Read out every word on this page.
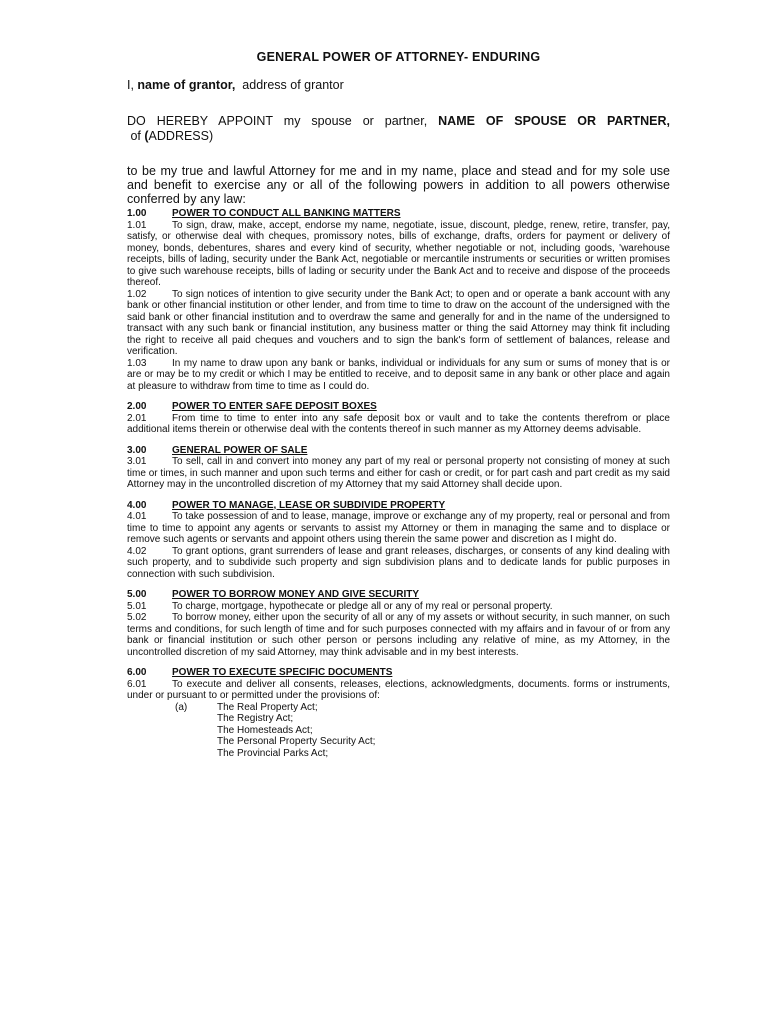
GENERAL POWER OF ATTORNEY- ENDURING
I, name of grantor,  address of grantor
DO HEREBY APPOINT my spouse or partner, NAME OF SPOUSE OR PARTNER, of (ADDRESS)
to be my true and lawful Attorney for me and in my name, place and stead and for my sole use and benefit to exercise any or all of the following powers in addition to all powers otherwise conferred by any law:
1.00	POWER TO CONDUCT ALL BANKING MATTERS

1.01	To sign, draw, make, accept, endorse my name, negotiate, issue, discount, pledge, renew, retire, transfer, pay, satisfy, or otherwise deal with cheques, promissory notes, bills of exchange, drafts, orders for payment or delivery of money, bonds, debentures, shares and every kind of security, whether negotiable or not, including goods, 'warehouse receipts, bills of lading, security under the Bank Act, negotiable or mercantile instruments or securities or written promises to give such warehouse receipts, bills of lading or security under the Bank Act and to receive and dispose of the proceeds thereof.

1.02	To sign notices of intention to give security under the Bank Act; to open and or operate a bank account with any bank or other financial institution or other lender, and from time to time to draw on the account of the undersigned with the said bank or other financial institution and to overdraw the same and generally for and in the name of the undersigned to transact with any such bank or financial institution, any business matter or thing the said Attorney may think fit including the right to receive all paid cheques and vouchers and to sign the bank's form of settlement of balances, release and verification.

1.03	In my name to draw upon any bank or banks, individual or individuals for any sum or sums of money that is or are or may be to my credit or which I may be entitled to receive, and to deposit same in any bank or other place and again at pleasure to withdraw from time to time as I could do.

2.00	POWER TO ENTER SAFE DEPOSIT BOXES

2.01	From time to time to enter into any safe deposit box or vault and to take the contents therefrom or place additional items therein or otherwise deal with the contents thereof in such manner as my Attorney deems advisable.

3.00	GENERAL POWER OF SALE

3.01	To sell, call in and convert into money any part of my real or personal property not consisting of money at such time or times, in such manner and upon such terms and either for cash or credit, or for part cash and part credit as my said Attorney may in the uncontrolled discretion of my Attorney that my said Attorney shall decide upon.

4.00	POWER TO MANAGE, LEASE OR SUBDIVIDE PROPERTY

4.01	To take possession of and to lease, manage, improve or exchange any of my property, real or personal and from time to time to appoint any agents or servants to assist my Attorney or them in managing the same and to displace or remove such agents or servants and appoint others using therein the same power and discretion as I might do.

4.02	To grant options, grant surrenders of lease and grant releases, discharges, or consents of any kind dealing with such property, and to subdivide such property and sign subdivision plans and to dedicate lands for public purposes in connection with such subdivision.

5.00	POWER TO BORROW MONEY AND GIVE SECURITY

5.01	To charge, mortgage, hypothecate or pledge all or any of my real or personal property.

5.02	To borrow money, either upon the security of all or any of my assets or without security, in such manner, on such terms and conditions, for such length of time and for such purposes connected with my affairs and in favour of or from any bank or financial institution or such other person or persons including any relative of mine, as my Attorney, in the uncontrolled discretion of my said Attorney, may think advisable and in my best interests.

6.00	POWER TO EXECUTE SPECIFIC DOCUMENTS

6.01	To execute and deliver all consents, releases, elections, acknowledgments, documents. forms or instruments, under or pursuant to or permitted under the provisions of:

(a)	The Real Property Act;
The Registry Act;
The Homesteads Act;
The Personal Property Security Act;
The Provincial Parks Act;
